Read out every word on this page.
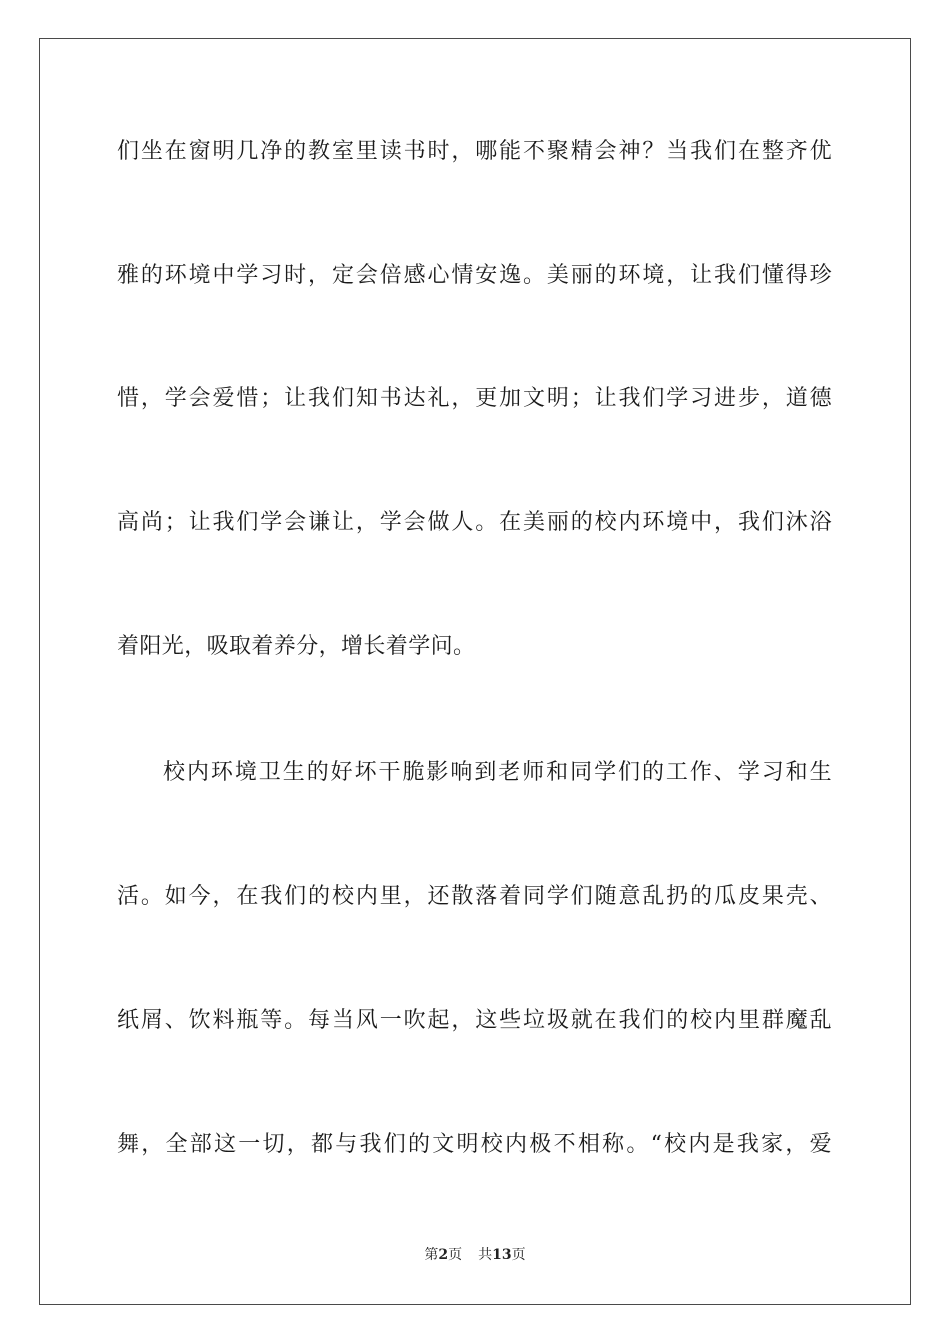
们坐在窗明几净的教室里读书时，哪能不聚精会神？当我们在整齐优
雅的环境中学习时，定会倍感心情安逸。美丽的环境，让我们懂得珍
惜，学会爱惜；让我们知书达礼，更加文明；让我们学习进步，道德
高尚；让我们学会谦让，学会做人。在美丽的校内环境中，我们沐浴
着阳光，吸取着养分，增长着学问。
校内环境卫生的好坏干脆影响到老师和同学们的工作、学习和生
活。如今，在我们的校内里，还散落着同学们随意乱扔的瓜皮果壳、
纸屑、饮料瓶等。每当风一吹起，这些垃圾就在我们的校内里群魔乱
舞，全部这一切，都与我们的文明校内极不相称。“校内是我家，爱
第2页 共13页
